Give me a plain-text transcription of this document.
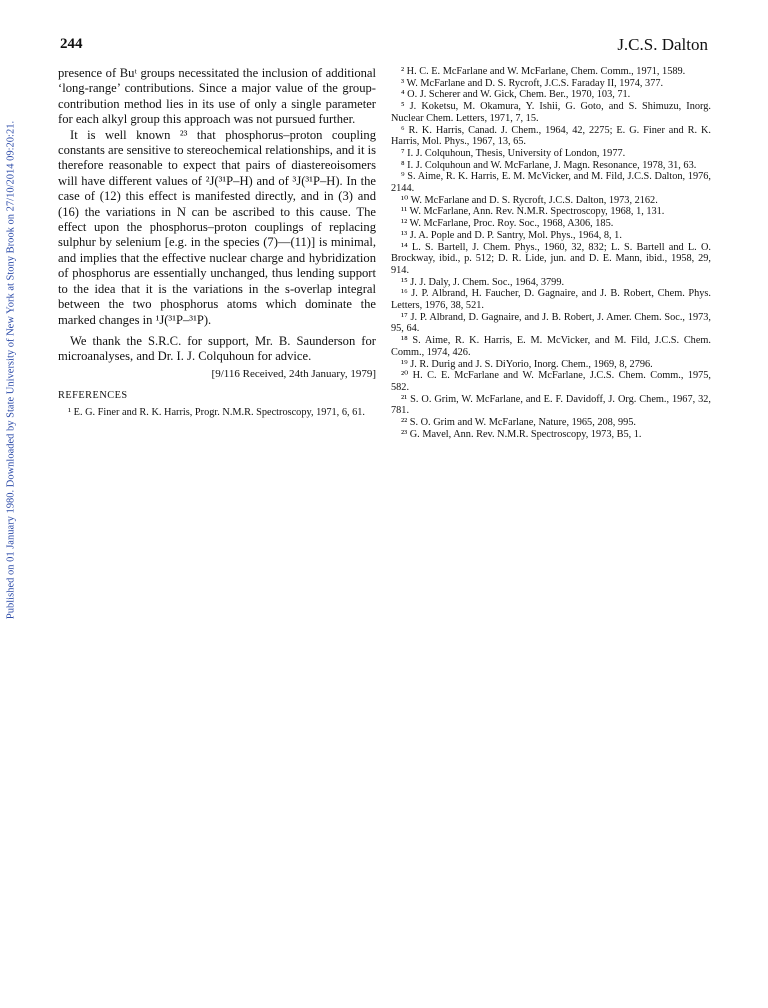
Published on 01 January 1980. Downloaded by State University of New York at Stony Brook on 27/10/2014 09:20:21.
244	J.C.S. Dalton

presence of Buᵗ groups necessitated the inclusion of additional ‘long-range’ contributions. Since a major value of the group-contribution method lies in its use of only a single parameter for each alkyl group this approach was not pursued further.

It is well known ²³ that phosphorus–proton coupling constants are sensitive to stereochemical relationships, and it is therefore reasonable to expect that pairs of diastereoisomers will have different values of ²J(³¹P–H) and of ³J(³¹P–H). In the case of (12) this effect is manifested directly, and in (3) and (16) the variations in N can be ascribed to this cause. The effect upon the phosphorus–proton couplings of replacing sulphur by selenium [e.g. in the species (7)—(11)] is minimal, and implies that the effective nuclear charge and hybridization of phosphorus are essentially unchanged, thus lending support to the idea that it is the variations in the s-overlap integral between the two phosphorus atoms which dominate the marked changes in ¹J(³¹P–³¹P).

We thank the S.R.C. for support, Mr. B. Saunderson for microanalyses, and Dr. I. J. Colquhoun for advice.

[9/116 Received, 24th January, 1979]
REFERENCES
¹ E. G. Finer and R. K. Harris, Progr. N.M.R. Spectroscopy, 1971, 6, 61.
² H. C. E. McFarlane and W. McFarlane, Chem. Comm., 1971, 1589.
³ W. McFarlane and D. S. Rycroft, J.C.S. Faraday II, 1974, 377.
⁴ O. J. Scherer and W. Gick, Chem. Ber., 1970, 103, 71.
⁵ J. Koketsu, M. Okamura, Y. Ishii, G. Goto, and S. Shimuzu, Inorg. Nuclear Chem. Letters, 1971, 7, 15.
⁶ R. K. Harris, Canad. J. Chem., 1964, 42, 2275; E. G. Finer and R. K. Harris, Mol. Phys., 1967, 13, 65.
⁷ I. J. Colquhoun, Thesis, University of London, 1977.
⁸ I. J. Colquhoun and W. McFarlane, J. Magn. Resonance, 1978, 31, 63.
⁹ S. Aime, R. K. Harris, E. M. McVicker, and M. Fild, J.C.S. Dalton, 1976, 2144.
¹⁰ W. McFarlane and D. S. Rycroft, J.C.S. Dalton, 1973, 2162.
¹¹ W. McFarlane, Ann. Rev. N.M.R. Spectroscopy, 1968, 1, 131.
¹² W. McFarlane, Proc. Roy. Soc., 1968, A306, 185.
¹³ J. A. Pople and D. P. Santry, Mol. Phys., 1964, 8, 1.
¹⁴ L. S. Bartell, J. Chem. Phys., 1960, 32, 832; L. S. Bartell and L. O. Brockway, ibid., p. 512; D. R. Lide, jun. and D. E. Mann, ibid., 1958, 29, 914.
¹⁵ J. J. Daly, J. Chem. Soc., 1964, 3799.
¹⁶ J. P. Albrand, H. Faucher, D. Gagnaire, and J. B. Robert, Chem. Phys. Letters, 1976, 38, 521.
¹⁷ J. P. Albrand, D. Gagnaire, and J. B. Robert, J. Amer. Chem. Soc., 1973, 95, 64.
¹⁸ S. Aime, R. K. Harris, E. M. McVicker, and M. Fild, J.C.S. Chem. Comm., 1974, 426.
¹⁹ J. R. Durig and J. S. DiYorio, Inorg. Chem., 1969, 8, 2796.
²⁰ H. C. E. McFarlane and W. McFarlane, J.C.S. Chem. Comm., 1975, 582.
²¹ S. O. Grim, W. McFarlane, and E. F. Davidoff, J. Org. Chem., 1967, 32, 781.
²² S. O. Grim and W. McFarlane, Nature, 1965, 208, 995.
²³ G. Mavel, Ann. Rev. N.M.R. Spectroscopy, 1973, B5, 1.
